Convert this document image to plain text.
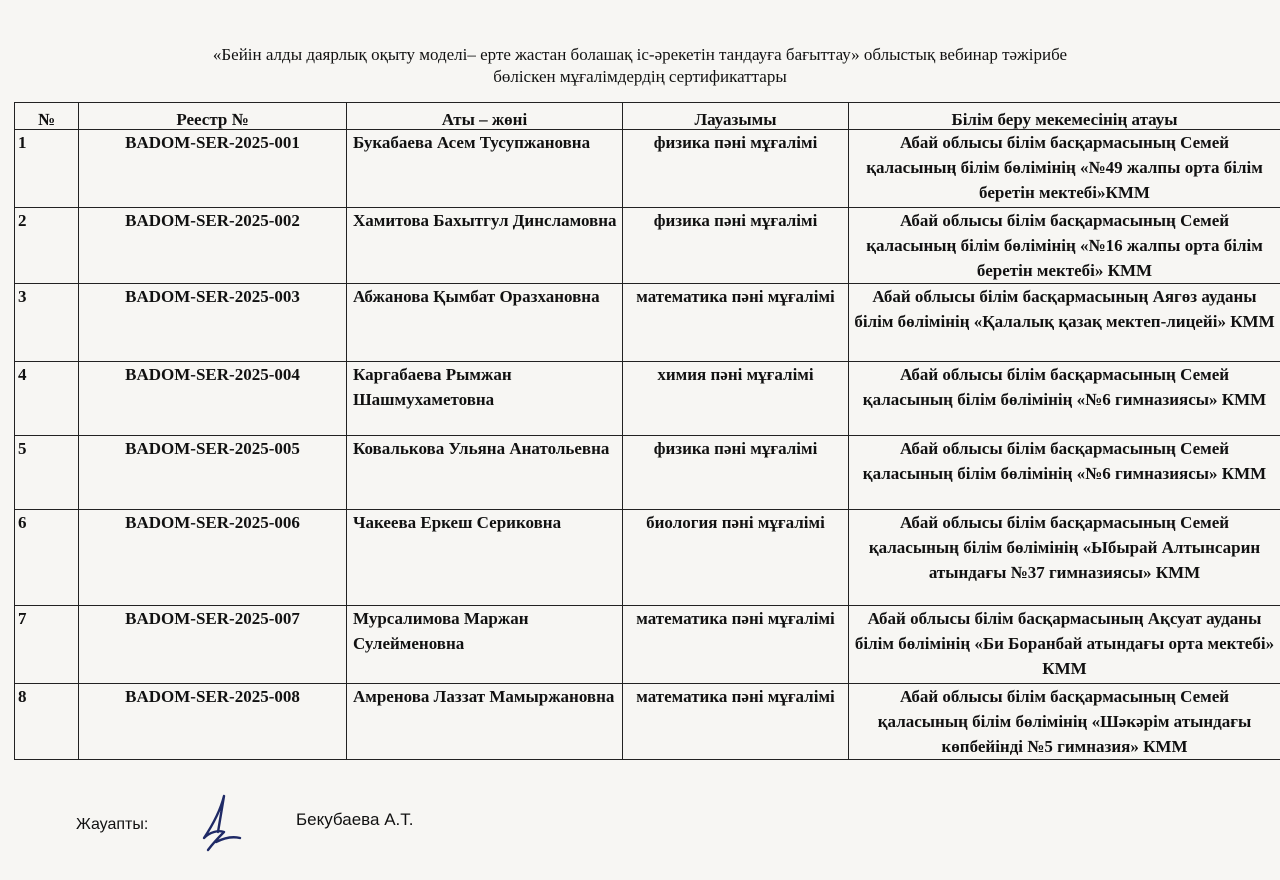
«Бейін алды даярлық оқыту моделі– ерте жастан болашақ іс-әрекетін тандауға бағыттау» облыстық вебинар тәжірибе
бөліскен мұғалімдердің сертификаттары
№	Реестр №	Аты – жөні	Лауазымы	Білім беру мекемесінің атауы
1	BADOM-SER-2025-001	Букабаева Асем Тусупжановна	физика пәні мұғалімі	Абай облысы білім басқармасының Семей қаласының білім бөлімінің «№49 жалпы орта білім беретін мектебі»КММ
2	BADOM-SER-2025-002	Хамитова Бахытгул Динсламовна	физика пәні мұғалімі	Абай облысы білім басқармасының Семей қаласының білім бөлімінің «№16 жалпы орта білім беретін мектебі» КММ
3	BADOM-SER-2025-003	Абжанова Қымбат Оразхановна	математика пәні мұғалімі	Абай облысы білім басқармасының Аягөз ауданы білім бөлімінің «Қалалық қазақ мектеп-лицейі» КММ
4	BADOM-SER-2025-004	Каргабаева Рымжан Шашмухаметовна	химия пәні мұғалімі	Абай облысы білім басқармасының Семей қаласының білім бөлімінің «№6 гимназиясы» КММ
5	BADOM-SER-2025-005	Ковалькова Ульяна Анатольевна	физика пәні мұғалімі	Абай облысы білім басқармасының Семей қаласының білім бөлімінің «№6 гимназиясы» КММ
6	BADOM-SER-2025-006	Чакеева Еркеш Сериковна	биология пәні мұғалімі	Абай облысы білім басқармасының Семей қаласының білім бөлімінің «Ыбырай Алтынсарин атындағы №37 гимназиясы» КММ
7	BADOM-SER-2025-007	Мурсалимова Маржан Сулейменовна	математика пәні мұғалімі	Абай облысы білім басқармасының Ақсуат ауданы білім бөлімінің «Би Боранбай атындағы орта мектебі» КММ
8	BADOM-SER-2025-008	Амренова Лаззат Мамыржановна	математика пәні мұғалімі	Абай облысы білім басқармасының Семей қаласының білім бөлімінің «Шәкәрім атындағы көпбейінді №5 гимназия» КММ
Жауапты:	Бекубаева А.Т.
